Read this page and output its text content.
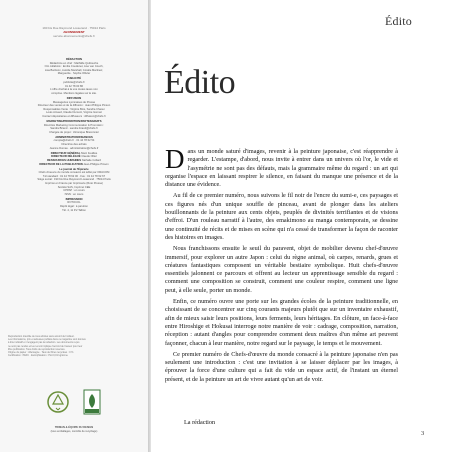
190 bis Rue Raymond Losserand · 75014 Paris
ABONNEMENT
service abonnements@chefs.fr
RÉDACTION
Rédactrice en chef : Mathilde Quittouche
Ont collaboré : Emilie Coudenet, Lise van Couch,
Lisa Barriéon, Aurélie Marshall, Coralie Martinez,
Marguerite · Sophie Ollivier
PUBLICITÉ
publicite@chefs.fr
01 42 78 00 86
L'offre d'achat à la une toutes taxes non
comprise. Mentions légales sur le site.
DIFFUSION
Messageries Lyonnaises de Presse
Directeur des ventes et de la diffusion : Jean-Philippe Pinson
Responsables Vente : Virginie Bois, Sandra Chaoui
Louis Arnaud, Claude Dumont, Virginie Gonnet
Contact dépositaires et diffuseurs : diffusion@chefs.fr
MARKETING/PROMOTION/PARTENARIATS
Directrice Marketing Communication & Promotion :
Sandra Briand · sandra.briand@chefs.fr
Chargée de projet : Véronique Braconnier
ADMINISTRATION/FINANCES
compta@chefs.fr · 01 44 78 62 54
Directrice des achats
Jeanne Dumas · administration@chefs.fr
DIRECTEUR GÉNÉRAL Marc Feuillée
DIRECTEUR DÉLÉGUÉ Claude Ollier
RESSOURCES HUMAINES Nathalie Collard
DIRECTEUR DE LA PUBLICATION Jean-Philippe Pinson
Le journal de l'Épicerie
Chefs d'oeuvre du monde consacré est édité par ORACOM
Tél standard : 01 44 78 62 00 · Fax : 01 44 78 62 67
Siège social : 190 bis Rue Raymond Losserand · 75014 Paris
Imprimé en France par Imprimerie (Roto Presse)
Société SAS, Imprimé CEE
CPPAP : en cours
ISSN : en cours
IMPRESSION
ROTOCOL
Dépôt légal : à parution
Tél. 4, 11 P.2 Tallion
Reproduction interdite de tous articles sans accord de l'éditeur.
Les informations, prix et adresses publiés dans ce magazine sont donnés
à titre indicatif et n'engagent pas la rédaction. Les documents reçus
ne sont pas rendus et leur envoi implique l'accord de l'auteur pour leur
libre publication. Tous droits de reproduction réservés.
Origine du papier : Allemagne · Taux de fibres recyclées : 0 %
Certification : PEFC · Eutrophisation : Ptot 0,01 kg/tonne
TRIMAN & ÉQUIPE DU DESIGN
(tous emballages, contrôle de recyclage)
Édito
Édito

Dans un monde saturé d'images, revenir à la peinture japonaise, c'est réapprendre à regarder. L'estampe, d'abord, nous invite à entrer dans un univers où l'or, le vide et l'asymétrie ne sont pas des défauts, mais la grammaire même du regard : un art qui organise l'espace en laissant respirer le silence, en faisant du manque une présence et de la distance une évidence.

Au fil de ce premier numéro, nous suivons le fil noir de l'encre du sumi-e, ces paysages et ces figures nés d'un unique souffle de pinceau, avant de plonger dans les ateliers bouillonnants de la peinture aux cents objets, peuplés de divinités terrifiantes et de visions d'effroi. D'un rouleau narratif à l'autre, des emakimono au manga contemporain, se dessine une continuité de récits et de mises en scène qui n'a cessé de transformer la façon de raconter des histoires en images.

Nous franchissons ensuite le seuil du paravent, objet de mobilier devenu chef-d'œuvre immersif, pour explorer un autre Japon : celui du règne animal, où carpes, renards, grues et créatures fantastiques composent un véritable bestiaire symbolique. Huit chefs-d'œuvre essentiels jalonnent ce parcours et offrent au lecteur un apprentissage sensible du regard : comment une composition se construit, comment une couleur respire, comment une ligne peut, à elle seule, porter un monde.

Enfin, ce numéro ouvre une porte sur les grandes écoles de la peinture traditionnelle, en choisissant de se concentrer sur cinq courants majeurs plutôt que sur un inventaire exhaustif, afin de mieux saisir leurs positions, leurs ferments, leurs héritages. En clôture, un face-à-face entre Hiroshige et Hokusai interroge notre manière de voir : cadrage, composition, narration, réception : autant d'angles pour comprendre comment deux maîtres d'un même art peuvent façonner, chacun à leur manière, notre regard sur le paysage, le temps et le mouvement.

Ce premier numéro de Chefs-d'œuvre du monde consacré à la peinture japonaise n'en pas seulement une introduction : c'est une invitation à se laisser déplacer par les images, à éprouver la force d'une culture qui a fait du vide un espace actif, de l'instant un éternel présent, et de la peinture un art de vivre autant qu'un art de voir.

La rédaction
3
